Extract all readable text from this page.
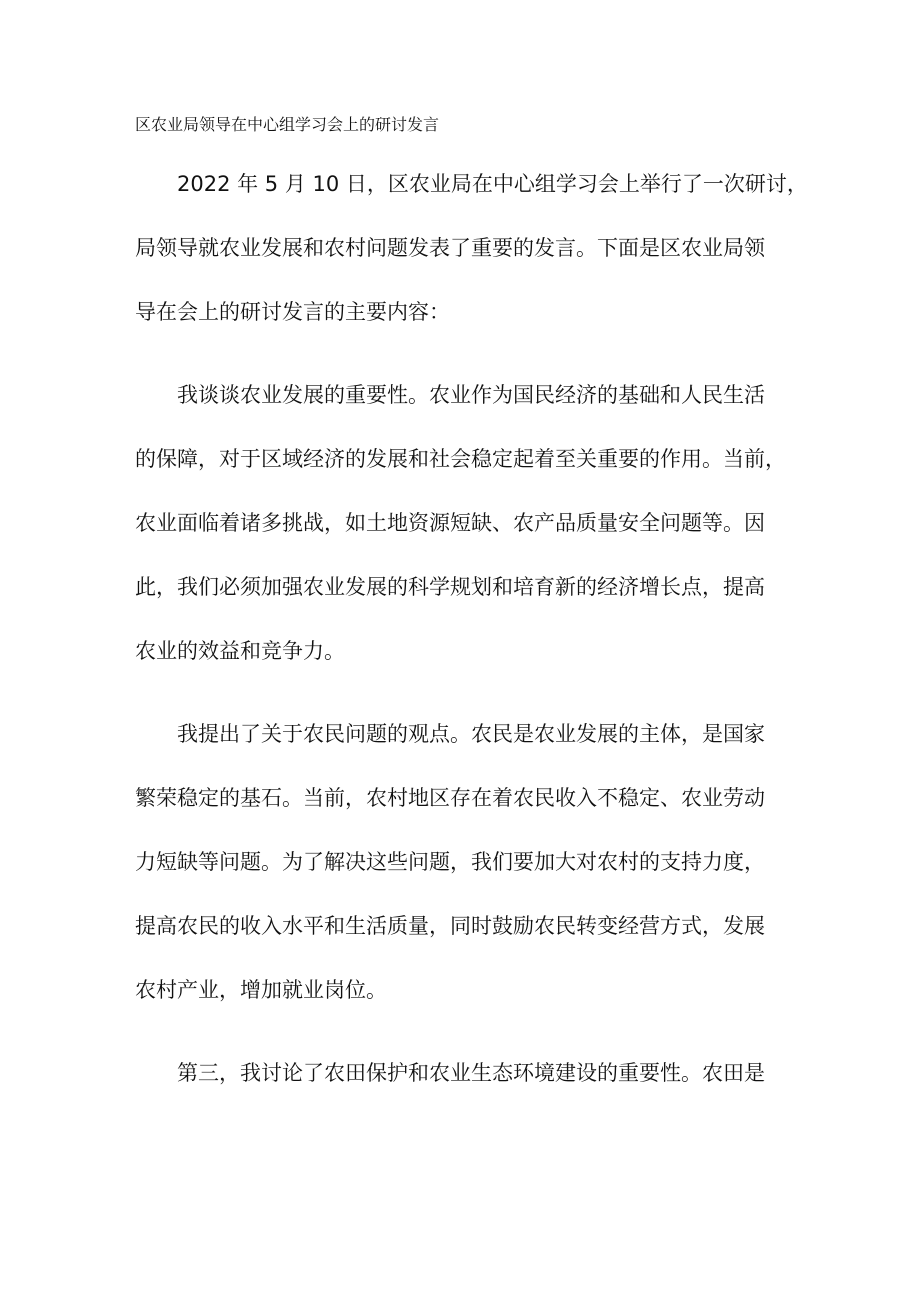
区农业局领导在中心组学习会上的研讨发言
2022 年 5 月 10 日，区农业局在中心组学习会上举行了一次研讨，
局领导就农业发展和农村问题发表了重要的发言。下面是区农业局领
导在会上的研讨发言的主要内容：
我谈谈农业发展的重要性。农业作为国民经济的基础和人民生活
的保障，对于区域经济的发展和社会稳定起着至关重要的作用。当前，
农业面临着诸多挑战，如土地资源短缺、农产品质量安全问题等。因
此，我们必须加强农业发展的科学规划和培育新的经济增长点，提高
农业的效益和竞争力。
我提出了关于农民问题的观点。农民是农业发展的主体，是国家
繁荣稳定的基石。当前，农村地区存在着农民收入不稳定、农业劳动
力短缺等问题。为了解决这些问题，我们要加大对农村的支持力度，
提高农民的收入水平和生活质量，同时鼓励农民转变经营方式，发展
农村产业，增加就业岗位。
第三，我讨论了农田保护和农业生态环境建设的重要性。农田是
